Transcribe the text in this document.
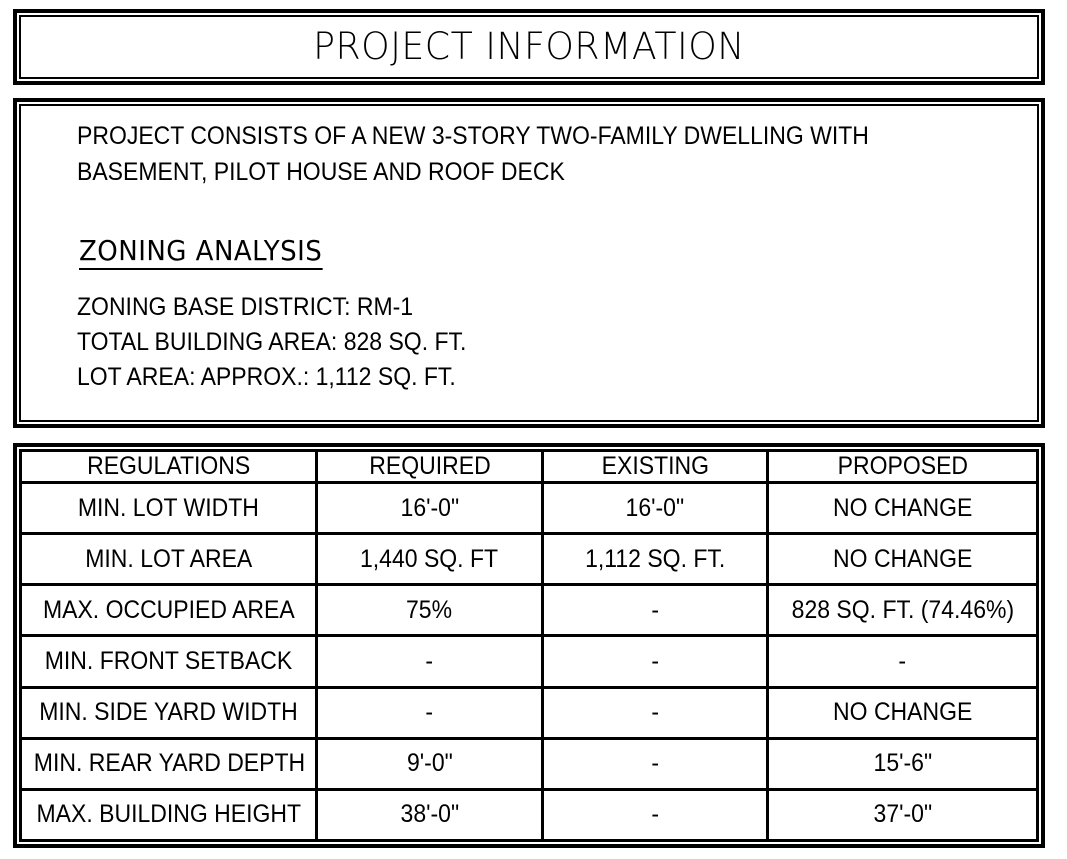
PROJECT INFORMATION
PROJECT CONSISTS OF A NEW 3-STORY TWO-FAMILY DWELLING WITH
BASEMENT, PILOT HOUSE AND ROOF DECK
ZONING ANALYSIS
ZONING BASE DISTRICT: RM-1
TOTAL BUILDING AREA: 828 SQ. FT.
LOT AREA: APPROX.: 1,112 SQ. FT.
REGULATIONS	REQUIRED	EXISTING	PROPOSED
MIN. LOT WIDTH	16'-0"	16'-0"	NO CHANGE
MIN. LOT AREA	1,440 SQ. FT	1,112 SQ. FT.	NO CHANGE
MAX. OCCUPIED AREA	75%	-	828 SQ. FT. (74.46%)
MIN. FRONT SETBACK	-	-	-
MIN. SIDE YARD WIDTH	-	-	NO CHANGE
MIN. REAR YARD DEPTH	9'-0"	-	15'-6"
MAX. BUILDING HEIGHT	38'-0"	-	37'-0"
